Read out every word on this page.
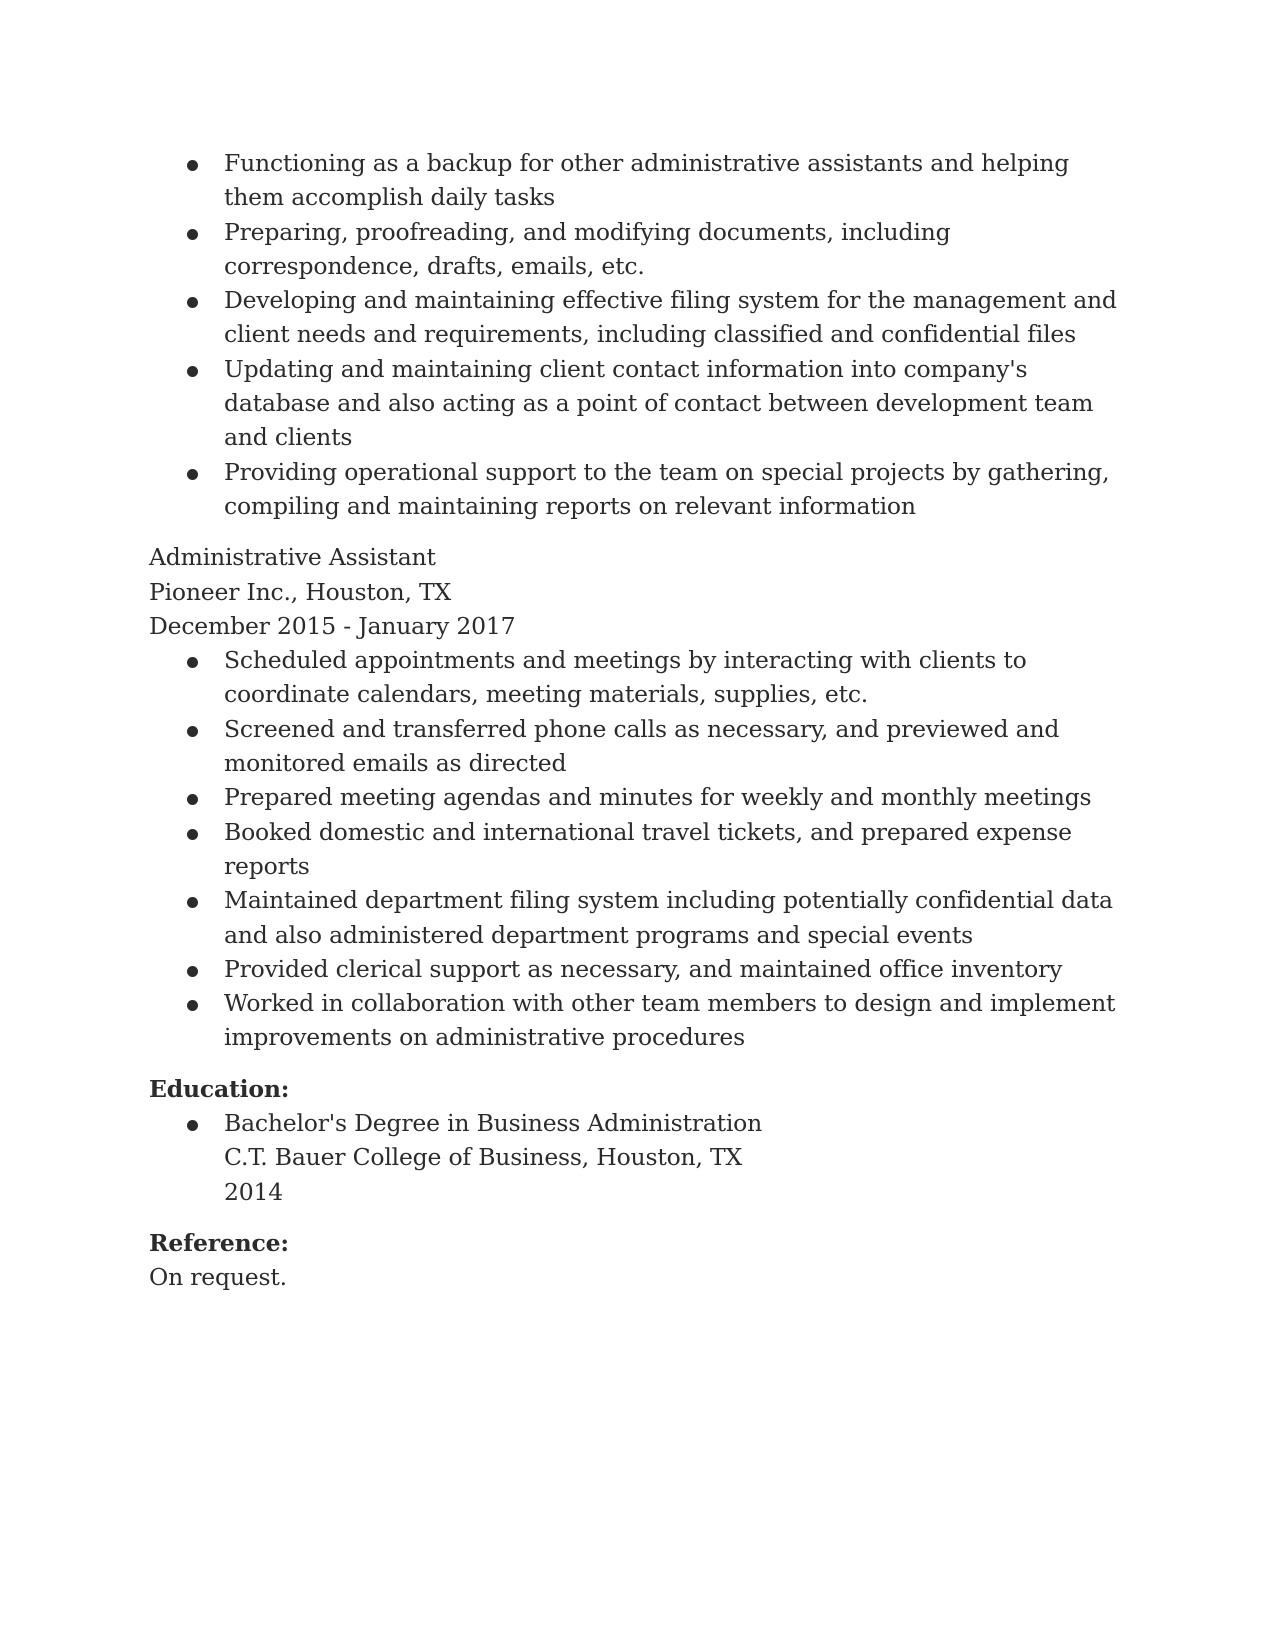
Functioning as a backup for other administrative assistants and helping them accomplish daily tasks
Preparing, proofreading, and modifying documents, including correspondence, drafts, emails, etc.
Developing and maintaining effective filing system for the management and client needs and requirements, including classified and confidential files
Updating and maintaining client contact information into company's database and also acting as a point of contact between development team and clients
Providing operational support to the team on special projects by gathering, compiling and maintaining reports on relevant information
Administrative Assistant
Pioneer Inc., Houston, TX
December 2015 - January 2017
Scheduled appointments and meetings by interacting with clients to coordinate calendars, meeting materials, supplies, etc.
Screened and transferred phone calls as necessary, and previewed and monitored emails as directed
Prepared meeting agendas and minutes for weekly and monthly meetings
Booked domestic and international travel tickets, and prepared expense reports
Maintained department filing system including potentially confidential data and also administered department programs and special events
Provided clerical support as necessary, and maintained office inventory
Worked in collaboration with other team members to design and implement improvements on administrative procedures
Education:
Bachelor's Degree in Business Administration
C.T. Bauer College of Business, Houston, TX
2014
Reference:
On request.
